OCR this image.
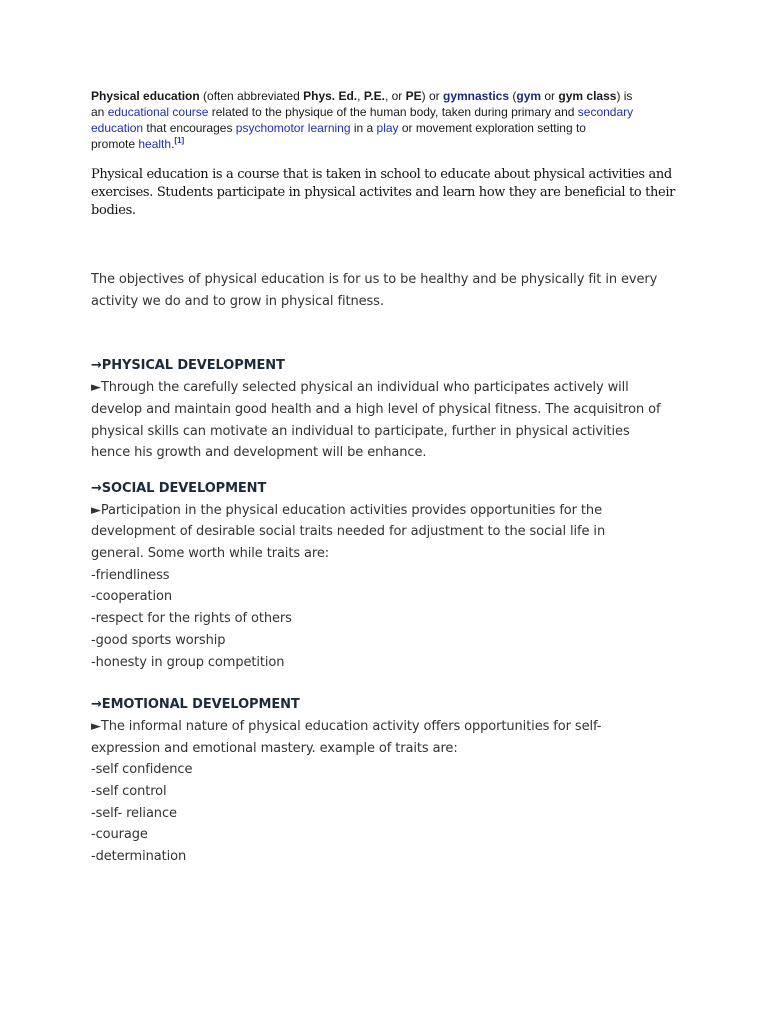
Physical education (often abbreviated Phys. Ed., P.E., or PE) or gymnastics (gym or gym class) is
an educational course related to the physique of the human body, taken during primary and secondary
education that encourages psychomotor learning in a play or movement exploration setting to
promote health.[1]

Physical education is a course that is taken in school to educate about physical activities and
exercises. Students participate in physical activites and learn how they are beneficial to their
bodies.

The objectives of physical education is for us to be healthy and be physically fit in every
activity we do and to grow in physical fitness.

→PHYSICAL DEVELOPMENT
►Through the carefully selected physical an individual who participates actively will
develop and maintain good health and a high level of physical fitness. The acquisitron of
physical skills can motivate an individual to participate, further in physical activities
hence his growth and development will be enhance.
→SOCIAL DEVELOPMENT
►Participation in the physical education activities provides opportunities for the
development of desirable social traits needed for adjustment to the social life in
general. Some worth while traits are:
-friendliness
-cooperation
-respect for the rights of others
-good sports worship
-honesty in group competition
→EMOTIONAL DEVELOPMENT
►The informal nature of physical education activity offers opportunities for self-
expression and emotional mastery. example of traits are:
-self confidence
-self control
-self- reliance
-courage
-determination
